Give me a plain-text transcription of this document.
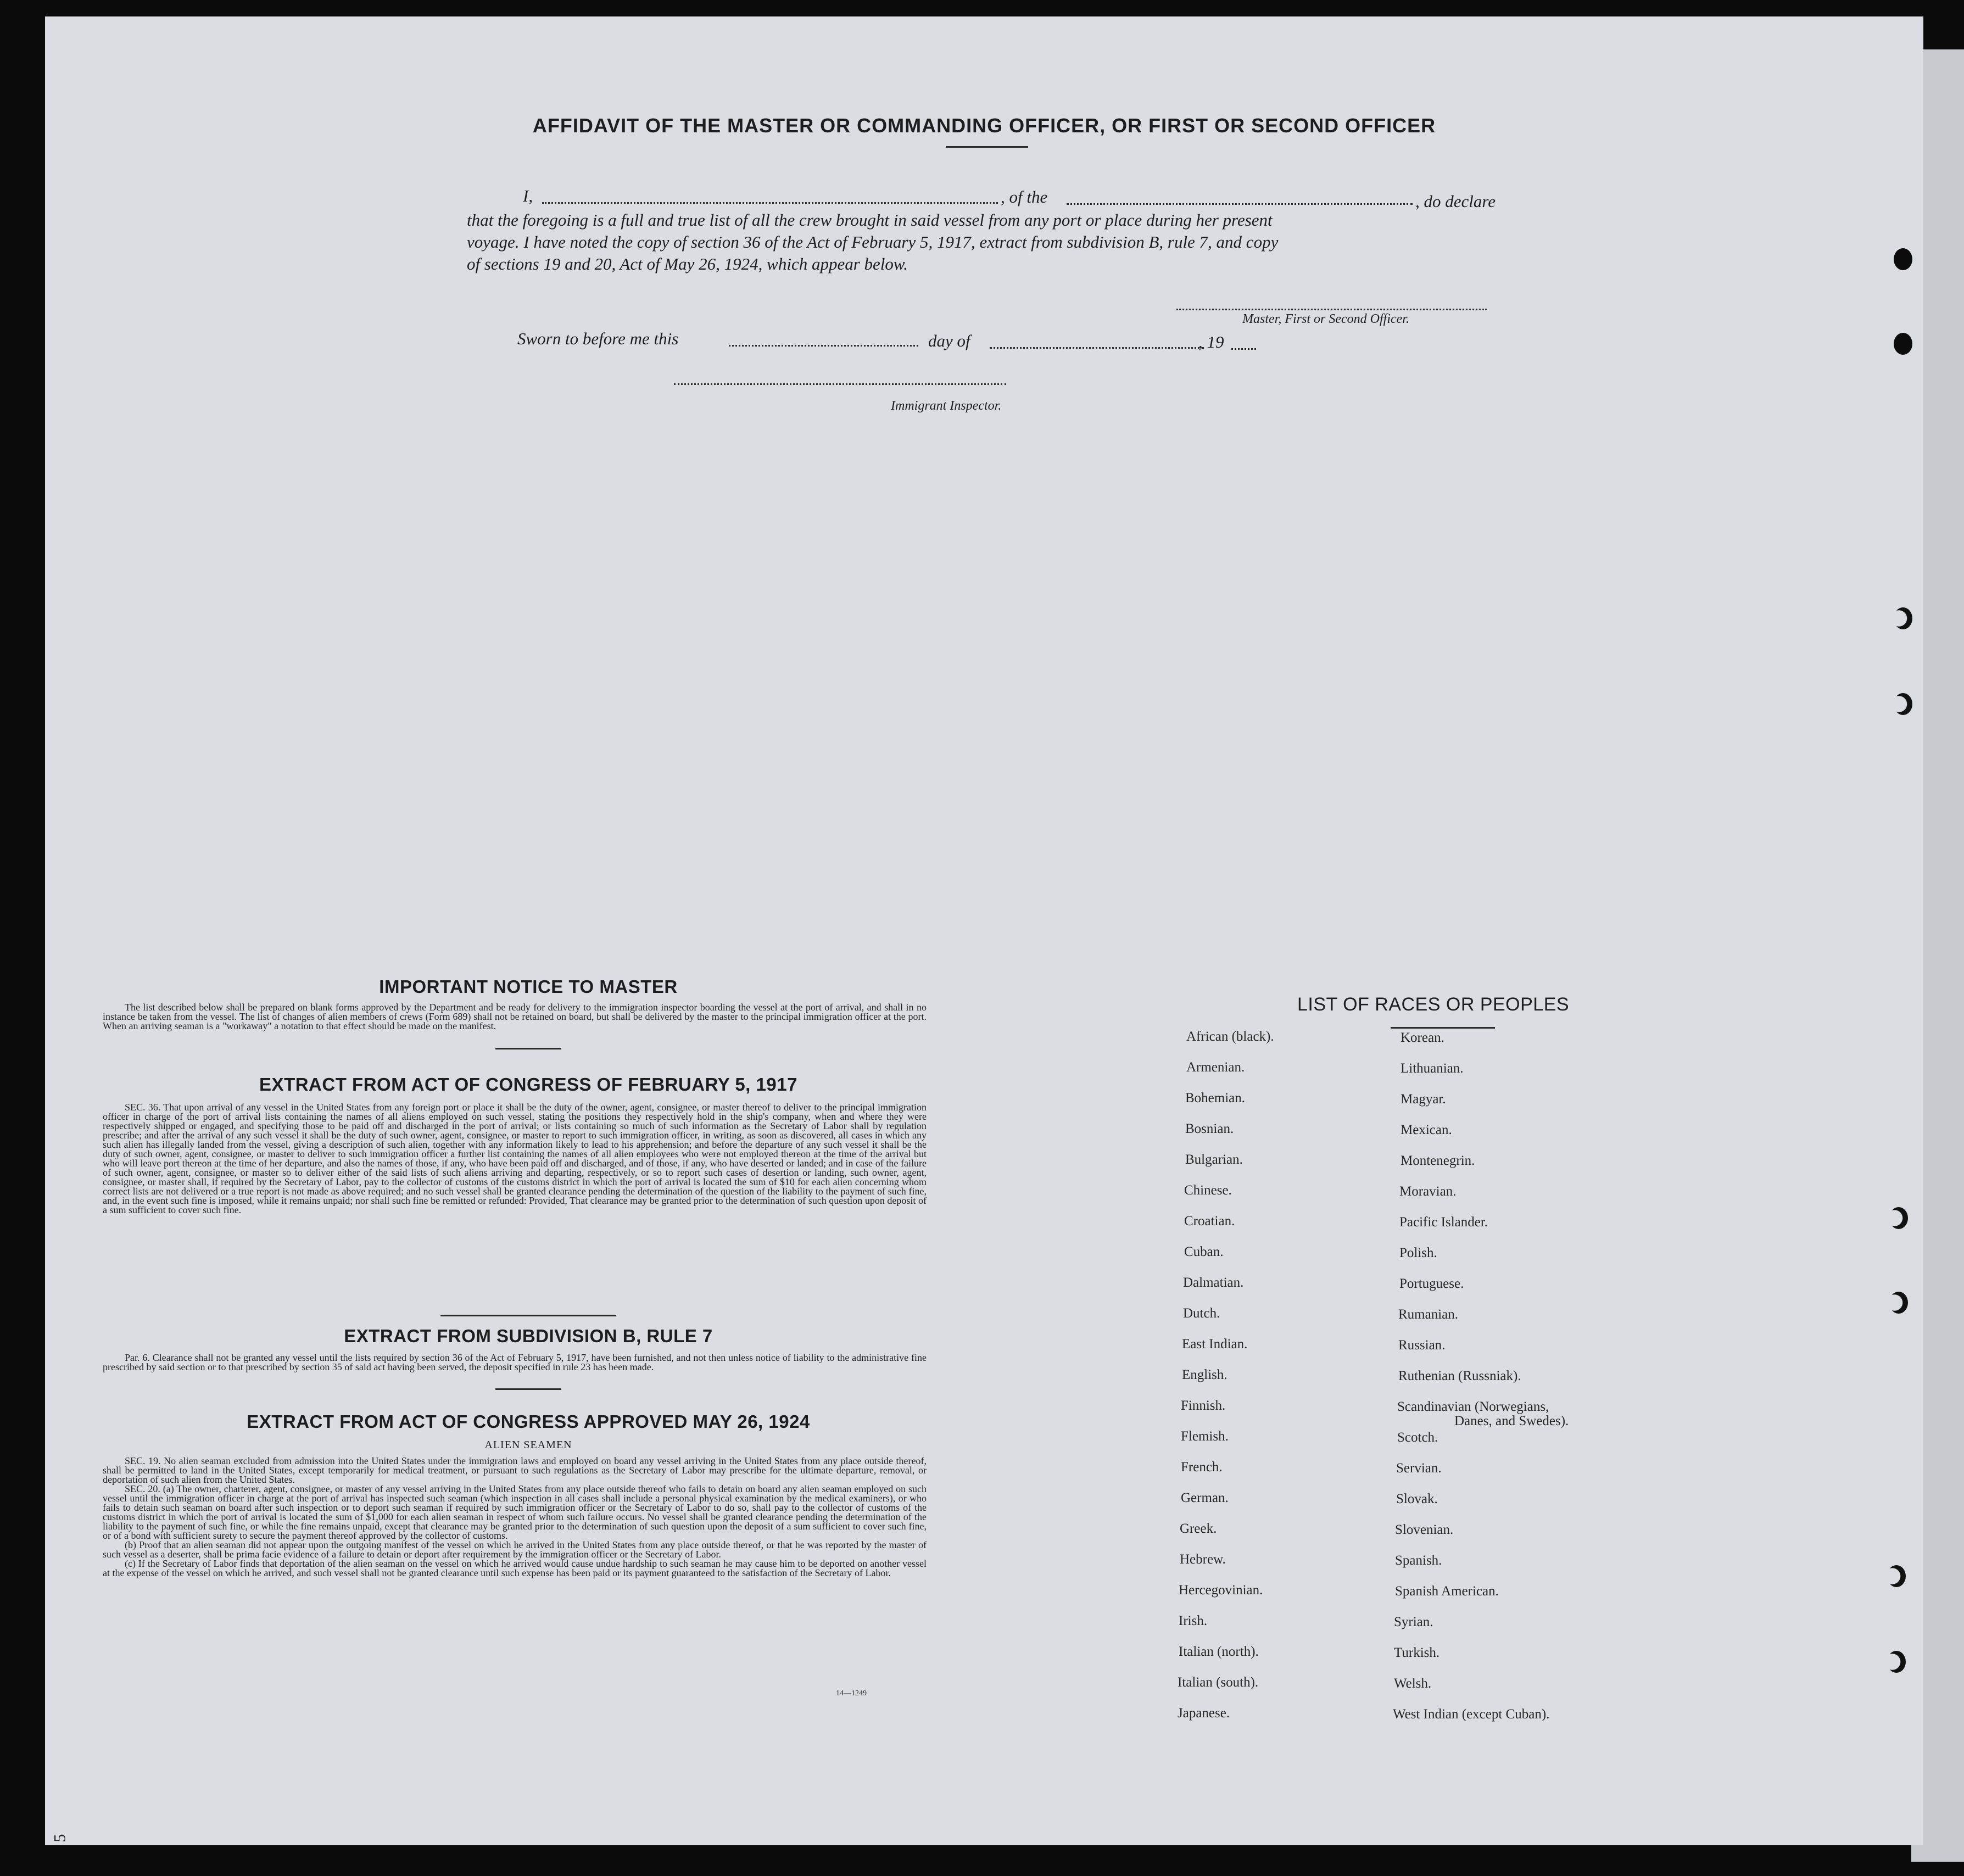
AFFIDAVIT OF THE MASTER OR COMMANDING OFFICER, OR FIRST OR SECOND OFFICER
I,	, of the	, do declare
that the foregoing is a full and true list of all the crew brought in said vessel from any port or place during her present
voyage. I have noted the copy of section 36 of the Act of February 5, 1917, extract from subdivision B, rule 7, and copy
of sections 19 and 20, Act of May 26, 1924, which appear below.
Master, First or Second Officer.
Sworn to before me this	day of	, 19
Immigrant Inspector.
IMPORTANT NOTICE TO MASTER

The list described below shall be prepared on blank forms approved by the Department and be ready for delivery to the immigration inspector boarding the vessel at the port of arrival, and shall in no instance be taken from the vessel. The list of changes of alien members of crews (Form 689) shall not be retained on board, but shall be delivered by the master to the principal immigration officer at the port. When an arriving seaman is a "workaway" a notation to that effect should be made on the manifest.

EXTRACT FROM ACT OF CONGRESS OF FEBRUARY 5, 1917

SEC. 36. That upon arrival of any vessel in the United States from any foreign port or place it shall be the duty of the owner, agent, consignee, or master thereof to deliver to the principal immigration officer in charge of the port of arrival lists containing the names of all aliens employed on such vessel, stating the positions they respectively hold in the ship's company, when and where they were respectively shipped or engaged, and specifying those to be paid off and discharged in the port of arrival; or lists containing so much of such information as the Secretary of Labor shall by regulation prescribe; and after the arrival of any such vessel it shall be the duty of such owner, agent, consignee, or master to report to such immigration officer, in writing, as soon as discovered, all cases in which any such alien has illegally landed from the vessel, giving a description of such alien, together with any information likely to lead to his apprehension; and before the departure of any such vessel it shall be the duty of such owner, agent, consignee, or master to deliver to such immigration officer a further list containing the names of all alien employees who were not employed thereon at the time of the arrival but who will leave port thereon at the time of her departure, and also the names of those, if any, who have been paid off and discharged, and of those, if any, who have deserted or landed; and in case of the failure of such owner, agent, consignee, or master so to deliver either of the said lists of such aliens arriving and departing, respectively, or so to report such cases of desertion or landing, such owner, agent, consignee, or master shall, if required by the Secretary of Labor, pay to the collector of customs of the customs district in which the port of arrival is located the sum of $10 for each alien concerning whom correct lists are not delivered or a true report is not made as above required; and no such vessel shall be granted clearance pending the determination of the question of the liability to the payment of such fine, and, in the event such fine is imposed, while it remains unpaid; nor shall such fine be remitted or refunded: Provided, That clearance may be granted prior to the determination of such question upon deposit of a sum sufficient to cover such fine.

EXTRACT FROM SUBDIVISION B, RULE 7

Par. 6. Clearance shall not be granted any vessel until the lists required by section 36 of the Act of February 5, 1917, have been furnished, and not then unless notice of liability to the administrative fine prescribed by said section or to that prescribed by section 35 of said act having been served, the deposit specified in rule 23 has been made.

EXTRACT FROM ACT OF CONGRESS APPROVED MAY 26, 1924
ALIEN SEAMEN

SEC. 19. No alien seaman excluded from admission into the United States under the immigration laws and employed on board any vessel arriving in the United States from any place outside thereof, shall be permitted to land in the United States, except temporarily for medical treatment, or pursuant to such regulations as the Secretary of Labor may prescribe for the ultimate departure, removal, or deportation of such alien from the United States.

SEC. 20. (a) The owner, charterer, agent, consignee, or master of any vessel arriving in the United States from any place outside thereof who fails to detain on board any alien seaman employed on such vessel until the immigration officer in charge at the port of arrival has inspected such seaman (which inspection in all cases shall include a personal physical examination by the medical examiners), or who fails to detain such seaman on board after such inspection or to deport such seaman if required by such immigration officer or the Secretary of Labor to do so, shall pay to the collector of customs of the customs district in which the port of arrival is located the sum of $1,000 for each alien seaman in respect of whom such failure occurs. No vessel shall be granted clearance pending the determination of the liability to the payment of such fine, or while the fine remains unpaid, except that clearance may be granted prior to the determination of such question upon the deposit of a sum sufficient to cover such fine, or of a bond with sufficient surety to secure the payment thereof approved by the collector of customs.

(b) Proof that an alien seaman did not appear upon the outgoing manifest of the vessel on which he arrived in the United States from any place outside thereof, or that he was reported by the master of such vessel as a deserter, shall be prima facie evidence of a failure to detain or deport after requirement by the immigration officer or the Secretary of Labor.

(c) If the Secretary of Labor finds that deportation of the alien seaman on the vessel on which he arrived would cause undue hardship to such seaman he may cause him to be deported on another vessel at the expense of the vessel on which he arrived, and such vessel shall not be granted clearance until such expense has been paid or its payment guaranteed to the satisfaction of the Secretary of Labor.

14—1249
LIST OF RACES OR PEOPLES
African (black).
Armenian.
Bohemian.
Bosnian.
Bulgarian.
Chinese.
Croatian.
Cuban.
Dalmatian.
Dutch.
East Indian.
English.
Finnish.
Flemish.
French.
German.
Greek.
Hebrew.
Hercegovinian.
Irish.
Italian (north).
Italian (south).
Japanese.
Korean.
Lithuanian.
Magyar.
Mexican.
Montenegrin.
Moravian.
Pacific Islander.
Polish.
Portuguese.
Rumanian.
Russian.
Ruthenian (Russniak).
Scandinavian (Norwegians,
Scotch.
Servian.
Slovak.
Slovenian.
Spanish.
Spanish American.
Syrian.
Turkish.
Welsh.
West Indian (except Cuban).
Danes, and Swedes).
5
